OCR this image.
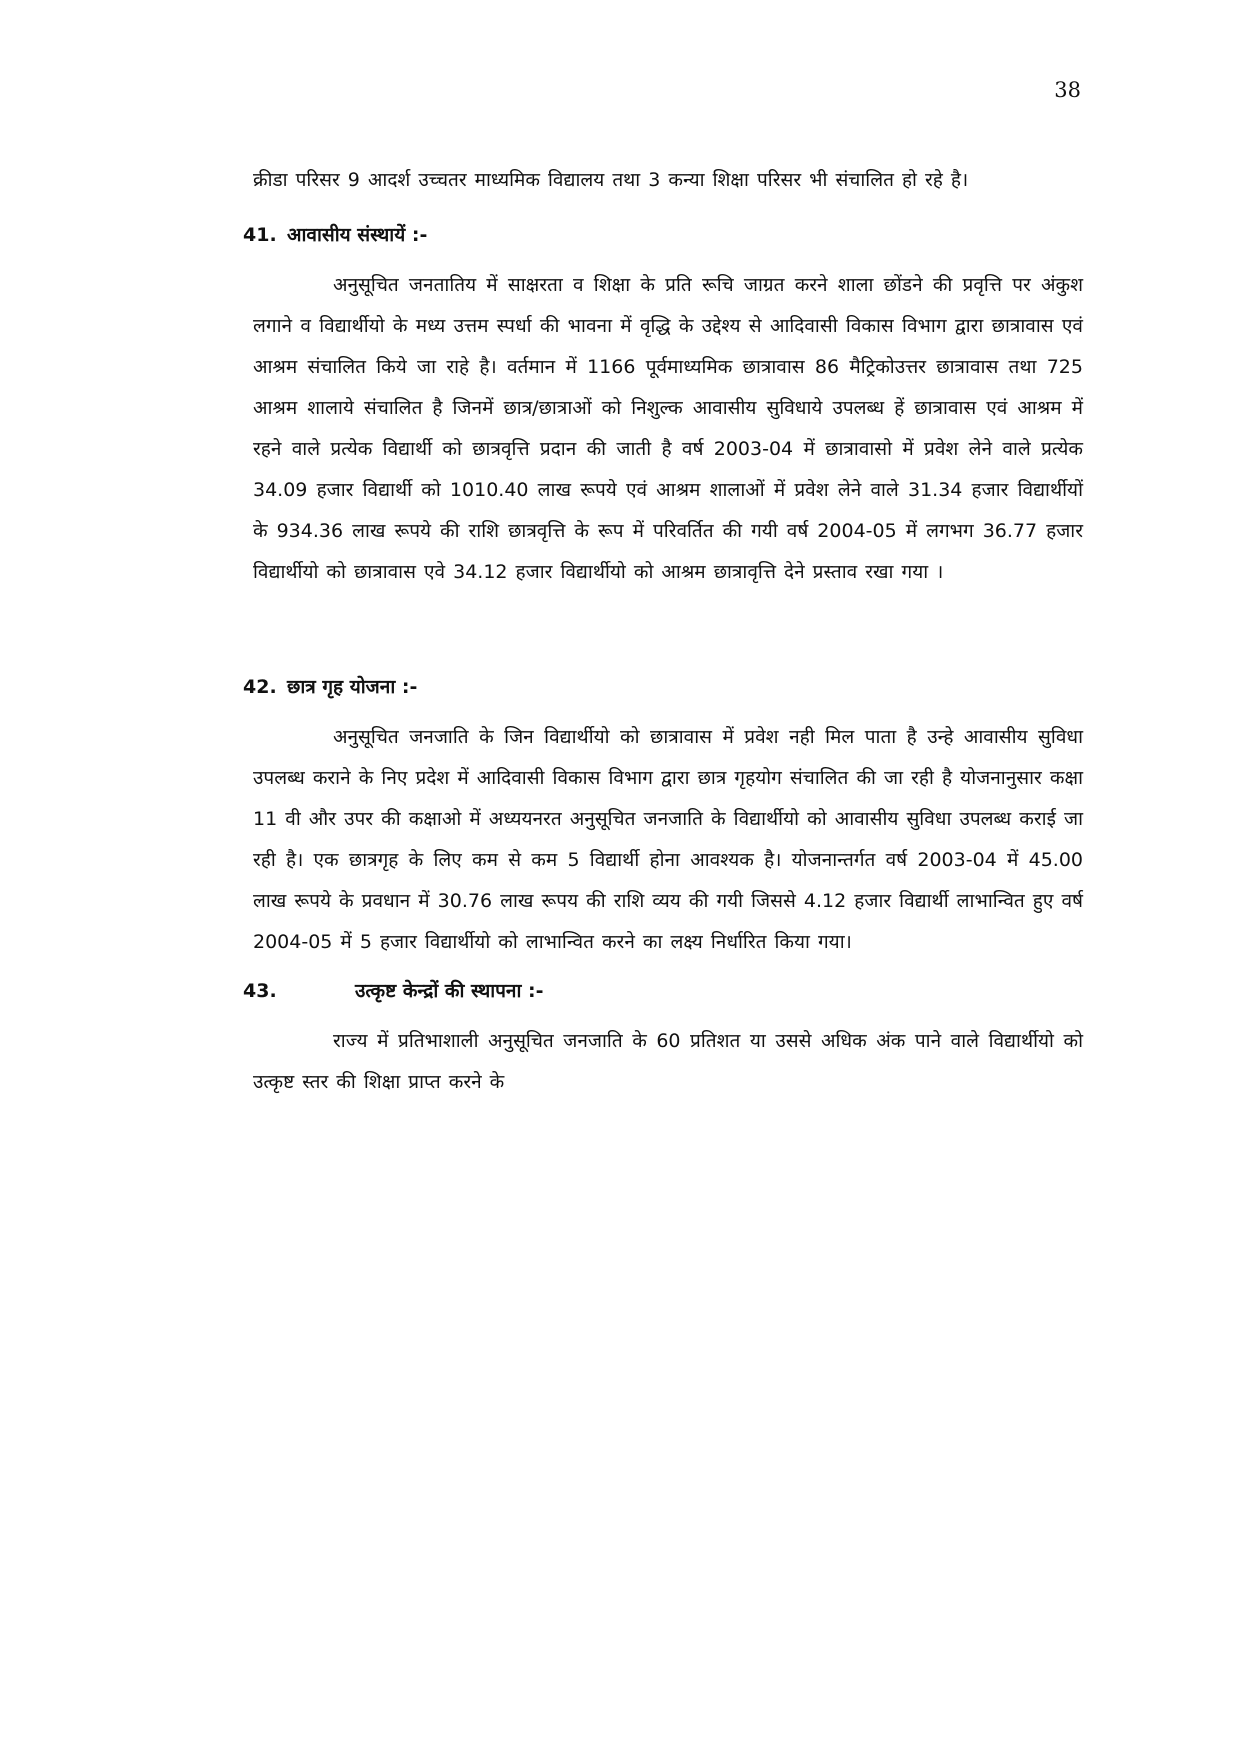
38

क्रीडा परिसर 9 आदर्श उच्चतर माध्यमिक विद्यालय तथा 3 कन्या शिक्षा परिसर भी संचालित हो रहे है।

41. आवासीय संस्थायें :-

अनुसूचित जनतातिय में साक्षरता व शिक्षा के प्रति रूचि जाग्रत करने शाला छोंडने की प्रवृत्ति पर अंकुश लगाने व विद्यार्थीयो के मध्य उत्तम स्पर्धा की भावना में वृद्धि के उद्देश्य से आदिवासी विकास विभाग द्वारा छात्रावास एवं आश्रम संचालित किये जा राहे है। वर्तमान में 1166 पूर्वमाध्यमिक छात्रावास 86 मैट्रिकोउत्तर छात्रावास तथा 725 आश्रम शालाये संचालित है जिनमें छात्र/छात्राओं को निशुल्क आवासीय सुविधाये उपलब्ध हें छात्रावास एवं आश्रम में रहने वाले प्रत्येक विद्यार्थी को छात्रवृत्ति प्रदान की जाती है वर्ष 2003-04 में छात्रावासो में प्रवेश लेने वाले प्रत्येक 34.09 हजार विद्यार्थी को 1010.40 लाख रूपये एवं आश्रम शालाओं में प्रवेश लेने वाले 31.34 हजार विद्यार्थीयों के 934.36 लाख रूपये की राशि छात्रवृत्ति के रूप में परिवर्तित की गयी वर्ष 2004-05 में लगभग 36.77 हजार विद्यार्थीयो को छात्रावास एवे 34.12 हजार विद्यार्थीयो को आश्रम छात्रावृत्ति देने प्रस्ताव रखा गया ।

42. छात्र गृह योजना :-

अनुसूचित जनजाति के जिन विद्यार्थीयो को छात्रावास में प्रवेश नही मिल पाता है उन्हे आवासीय सुविधा उपलब्ध कराने के निए प्रदेश में आदिवासी विकास विभाग द्वारा छात्र गृहयोग संचालित की जा रही है योजनानुसार कक्षा 11 वी और उपर की कक्षाओ में अध्ययनरत अनुसूचित जनजाति के विद्यार्थीयो को आवासीय सुविधा उपलब्ध कराई जा रही है। एक छात्रगृह के लिए कम से कम 5 विद्यार्थी होना आवश्यक है। योजनान्तर्गत वर्ष 2003-04 में 45.00 लाख रूपये के प्रवधान में 30.76 लाख रूपय की राशि व्यय की गयी जिससे 4.12 हजार विद्यार्थी लाभान्वित हुए वर्ष 2004-05 में 5 हजार विद्यार्थीयो को लाभान्वित करने का लक्ष्य निर्धारित किया गया।

43.	उत्कृष्ट केन्द्रों की स्थापना :-

राज्य में प्रतिभाशाली अनुसूचित जनजाति के 60 प्रतिशत या उससे अधिक अंक पाने वाले विद्यार्थीयो को उत्कृष्ट स्तर की शिक्षा प्राप्त करने के
